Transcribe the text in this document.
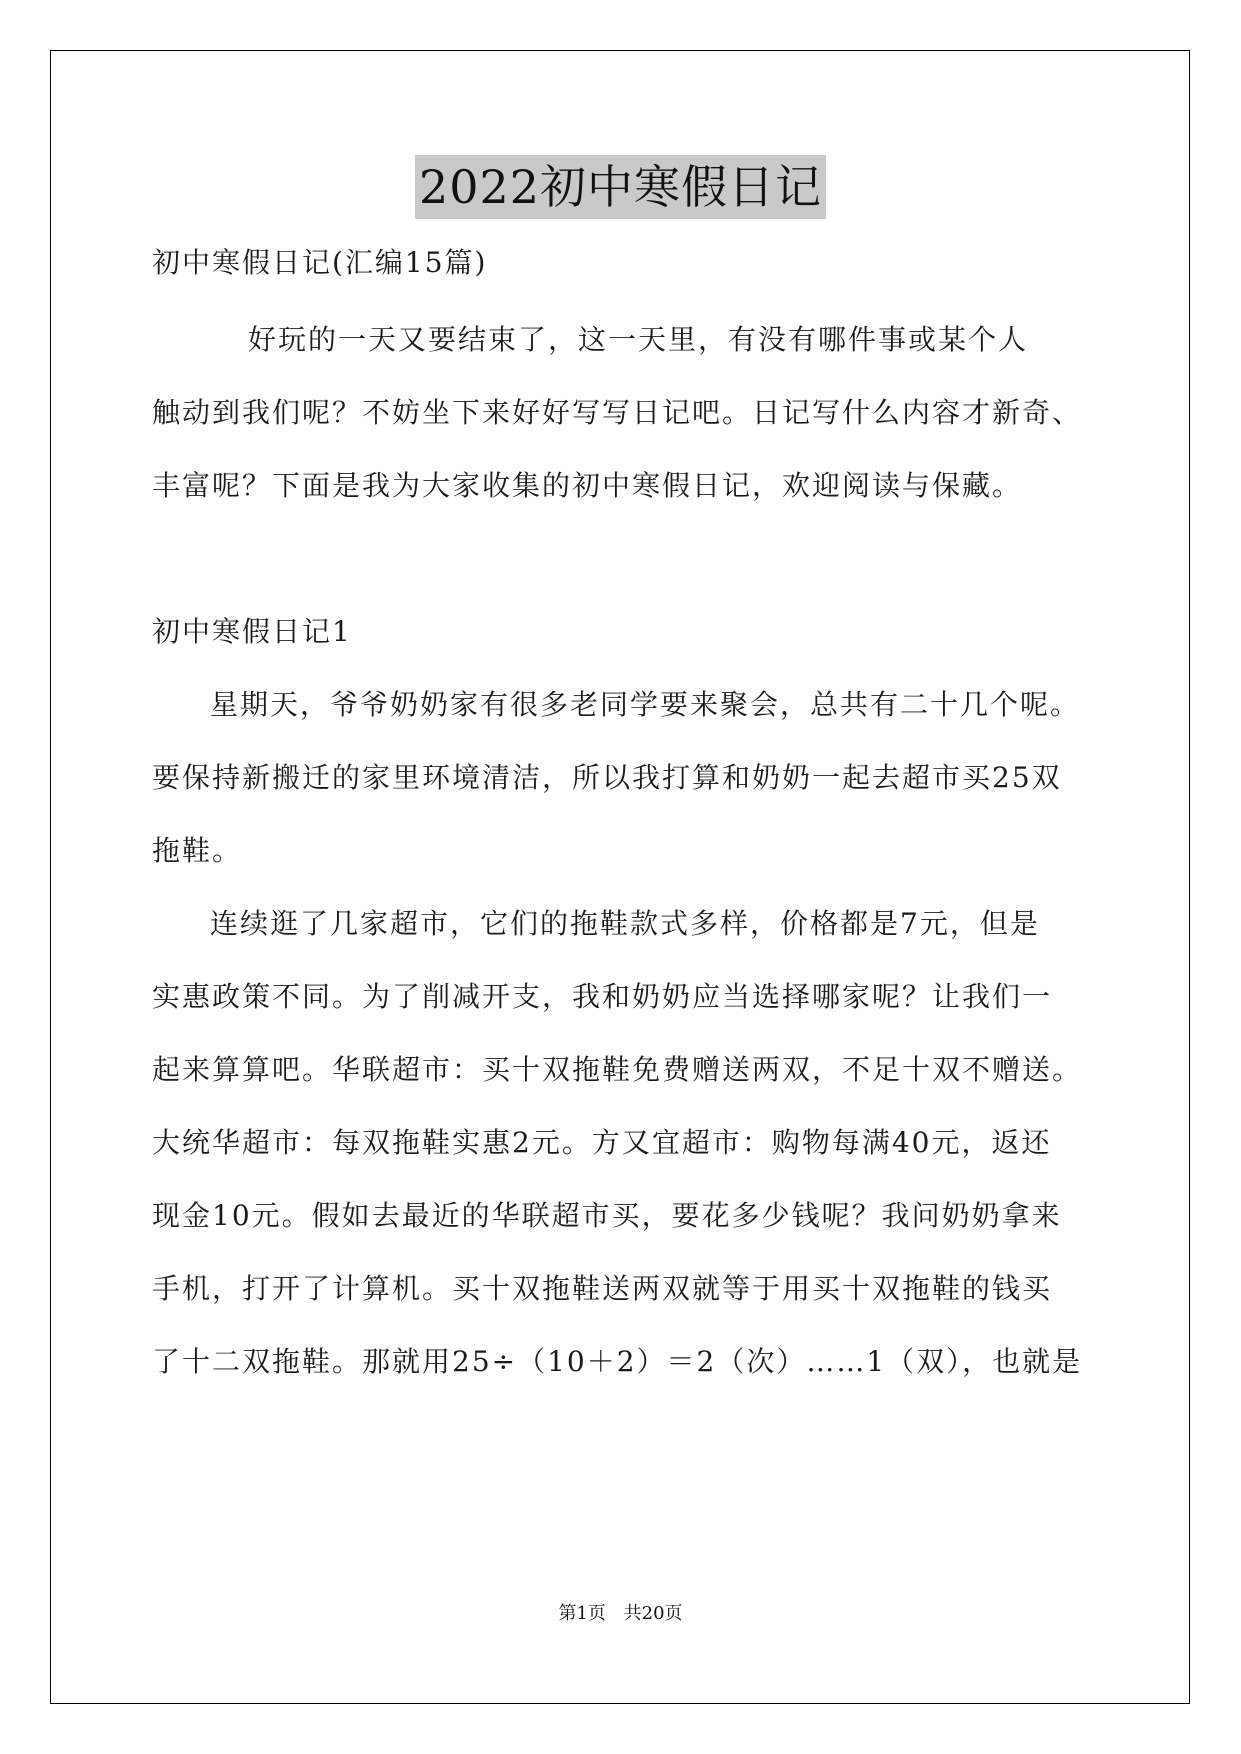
2022初中寒假日记
初中寒假日记(汇编15篇)
好玩的一天又要结束了，这一天里，有没有哪件事或某个人
触动到我们呢？不妨坐下来好好写写日记吧。日记写什么内容才新奇、
丰富呢？下面是我为大家收集的初中寒假日记，欢迎阅读与保藏。
初中寒假日记1
星期天，爷爷奶奶家有很多老同学要来聚会，总共有二十几个呢。
要保持新搬迁的家里环境清洁，所以我打算和奶奶一起去超市买25双
拖鞋。
连续逛了几家超市，它们的拖鞋款式多样，价格都是7元，但是
实惠政策不同。为了削减开支，我和奶奶应当选择哪家呢？让我们一
起来算算吧。华联超市：买十双拖鞋免费赠送两双，不足十双不赠送。
大统华超市：每双拖鞋实惠2元。方又宜超市：购物每满40元，返还
现金10元。假如去最近的华联超市买，要花多少钱呢？我问奶奶拿来
手机，打开了计算机。买十双拖鞋送两双就等于用买十双拖鞋的钱买
了十二双拖鞋。那就用25÷（10＋2）＝2（次）……1（双），也就是
第1页 共20页
